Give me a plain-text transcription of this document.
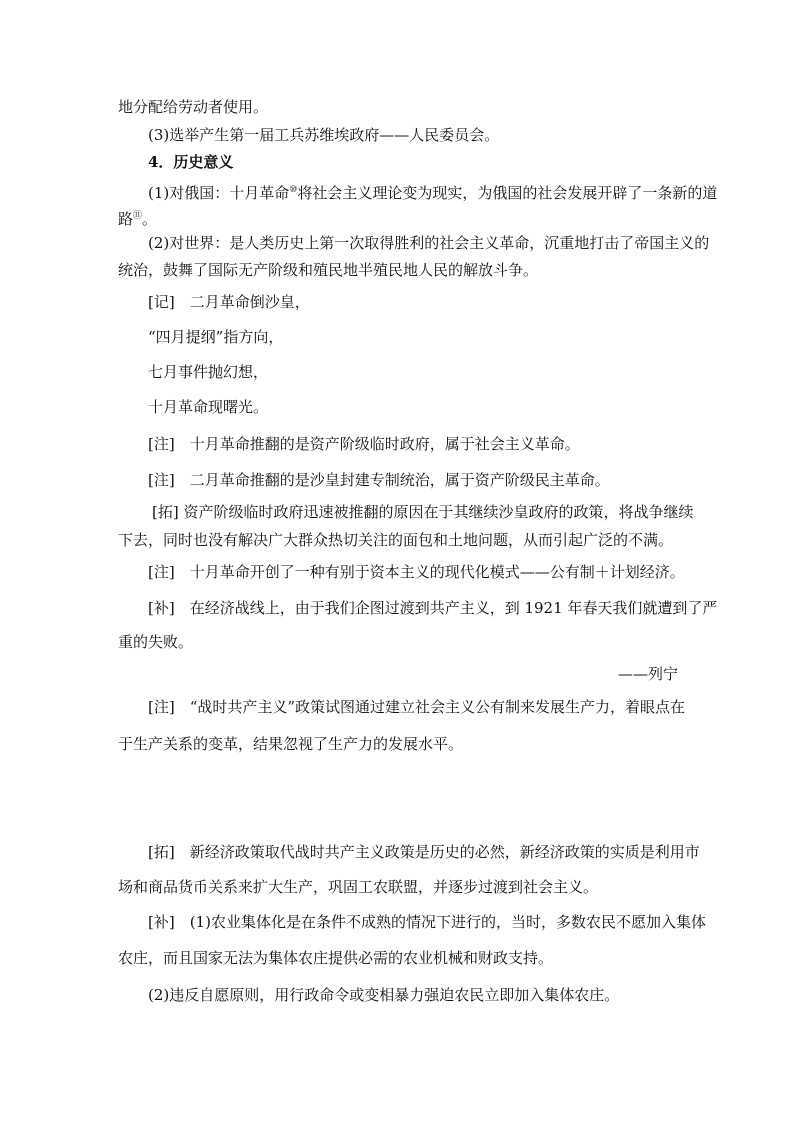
地分配给劳动者使用。
(3)选举产生第一届工兵苏维埃政府——人民委员会。
4．历史意义
(1)对俄国：十月革命⑩将社会主义理论变为现实，为俄国的社会发展开辟了一条新的道
路⑪。
(2)对世界：是人类历史上第一次取得胜利的社会主义革命，沉重地打击了帝国主义的
统治，鼓舞了国际无产阶级和殖民地半殖民地人民的解放斗争。
[记]　二月革命倒沙皇，
“四月提纲”指方向，
七月事件抛幻想，
十月革命现曙光。
[注]　十月革命推翻的是资产阶级临时政府，属于社会主义革命。
[注]　二月革命推翻的是沙皇封建专制统治，属于资产阶级民主革命。
[拓] 资产阶级临时政府迅速被推翻的原因在于其继续沙皇政府的政策，将战争继续
下去，同时也没有解决广大群众热切关注的面包和土地问题，从而引起广泛的不满。
[注]　十月革命开创了一种有别于资本主义的现代化模式——公有制＋计划经济。
[补]　在经济战线上，由于我们企图过渡到共产主义，到 1921 年春天我们就遭到了严
重的失败。
——列宁
[注]　“战时共产主义”政策试图通过建立社会主义公有制来发展生产力，着眼点在
于生产关系的变革，结果忽视了生产力的发展水平。
[拓]　新经济政策取代战时共产主义政策是历史的必然，新经济政策的实质是利用市
场和商品货币关系来扩大生产，巩固工农联盟，并逐步过渡到社会主义。
[补]　(1)农业集体化是在条件不成熟的情况下进行的，当时，多数农民不愿加入集体
农庄，而且国家无法为集体农庄提供必需的农业机械和财政支持。
(2)违反自愿原则，用行政命令或变相暴力强迫农民立即加入集体农庄。
